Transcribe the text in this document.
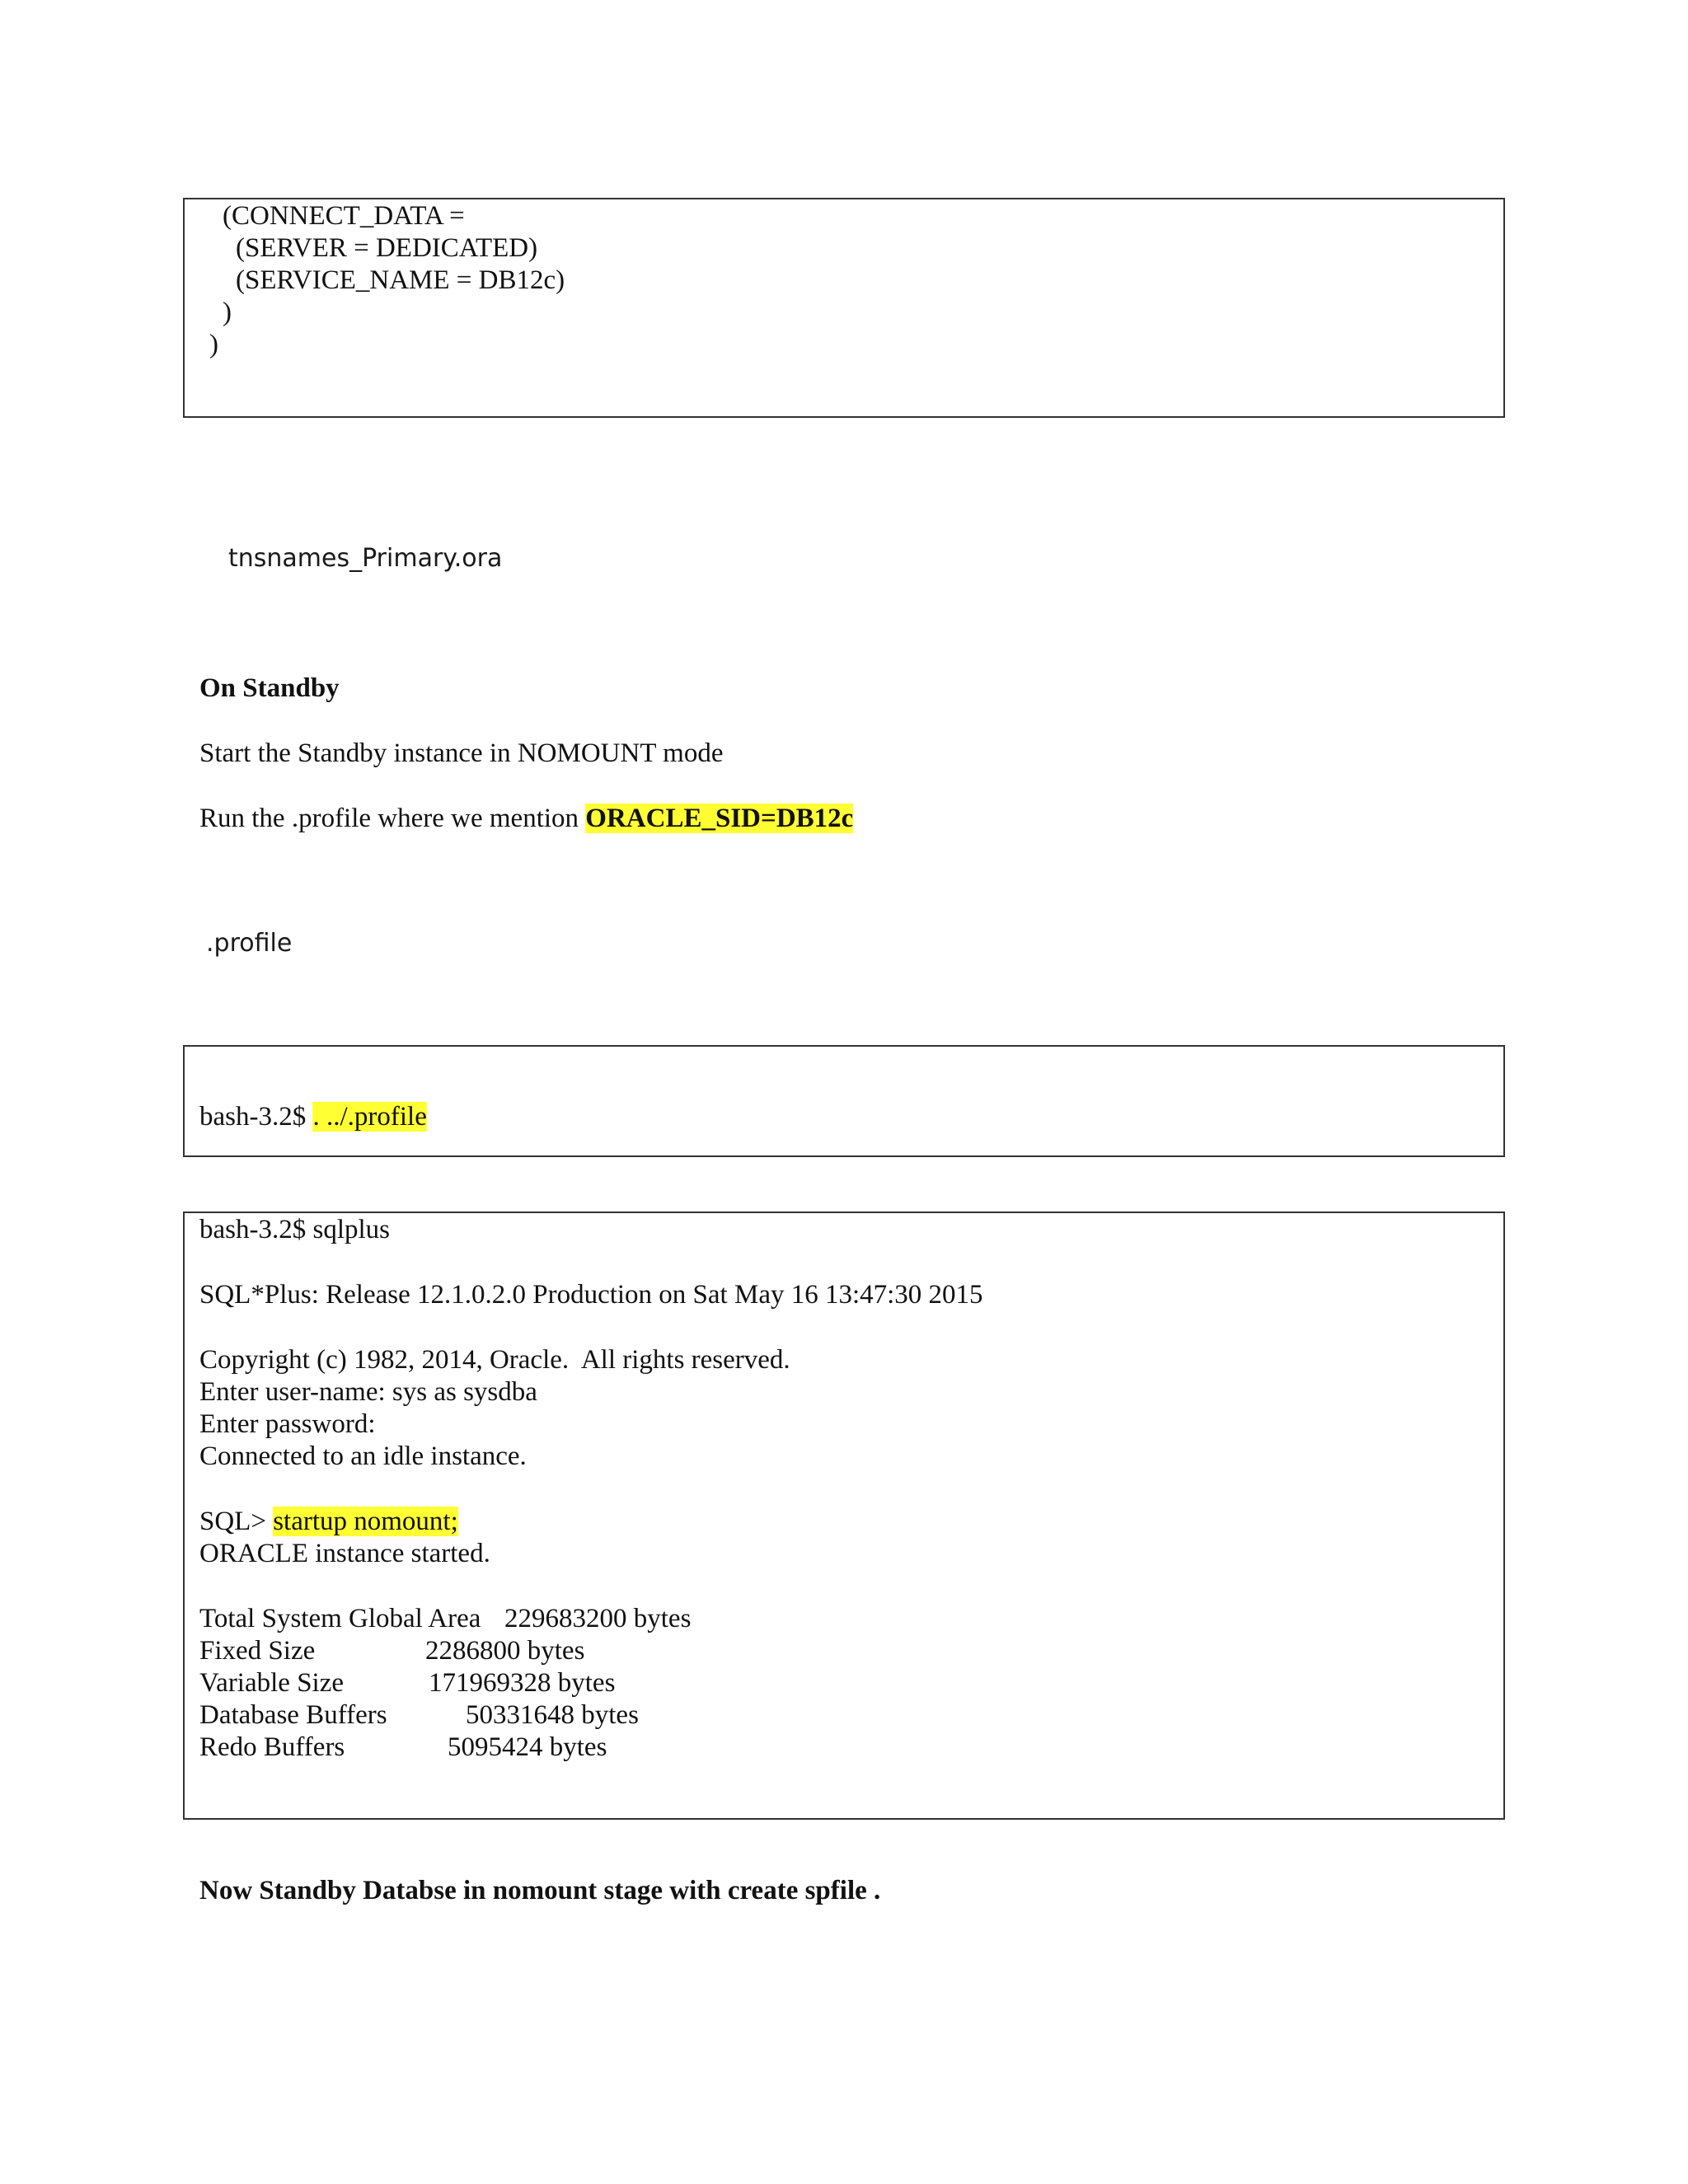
(CONNECT_DATA =
(SERVER = DEDICATED)
(SERVICE_NAME = DB12c)
)
)
tnsnames_Primary.ora
On Standby
Start the Standby instance in NOMOUNT mode
Run the .profile where we mention ORACLE_SID=DB12c
.profile
bash-3.2$ . ../.profile
bash-3.2$ sqlplus
SQL*Plus: Release 12.1.0.2.0 Production on Sat May 16 13:47:30 2015
Copyright (c) 1982, 2014, Oracle.  All rights reserved.
Enter user-name: sys as sysdba
Enter password:
Connected to an idle instance.
SQL> startup nomount;
ORACLE instance started.
Total System Global Area 229683200 bytes
Fixed Size	2286800 bytes
Variable Size	171969328 bytes
Database Buffers	50331648 bytes
Redo Buffers	5095424 bytes
Now Standby Databse in nomount stage with create spfile .
